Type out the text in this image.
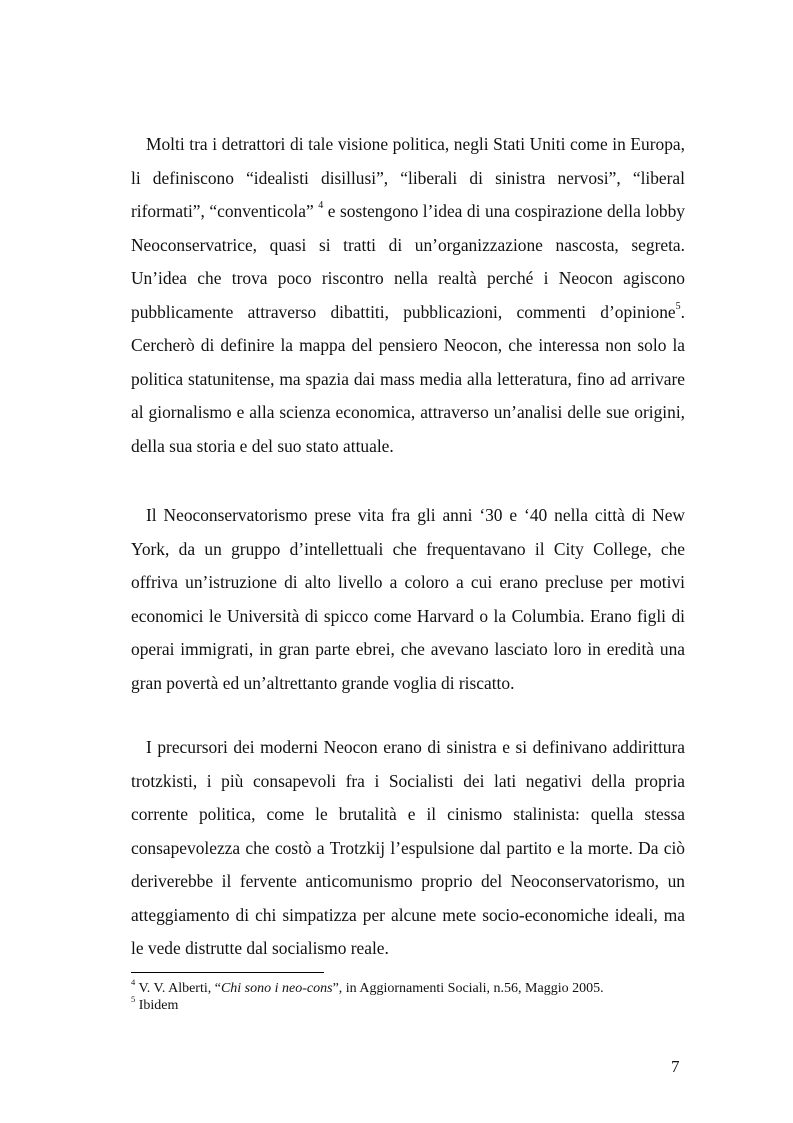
Molti tra i detrattori di tale visione politica, negli Stati Uniti come in Europa, li definiscono “idealisti disillusi”, “liberali di sinistra nervosi”, “liberal riformati”, “conventicola” $^4$ e sostengono l’idea di una cospirazione della lobby Neoconservatrice, quasi si tratti di un’organizzazione nascosta, segreta. Un’idea che trova poco riscontro nella realtà perché i Neocon agiscono pubblicamente attraverso dibattiti, pubblicazioni, commenti d’opinione$^5$. Cercherò di definire la mappa del pensiero Neocon, che interessa non solo la politica statunitense, ma spazia dai mass media alla letteratura, fino ad arrivare al giornalismo e alla scienza economica, attraverso un’analisi delle sue origini, della sua storia e del suo stato attuale.

Il Neoconservatorismo prese vita fra gli anni ‘30 e ‘40 nella città di New York, da un gruppo d’intellettuali che frequentavano il City College, che offriva un’istruzione di alto livello a coloro a cui erano precluse per motivi economici le Università di spicco come Harvard o la Columbia. Erano figli di operai immigrati, in gran parte ebrei, che avevano lasciato loro in eredità una gran povertà ed un’altrettanto grande voglia di riscatto.

I precursori dei moderni Neocon erano di sinistra e si definivano addirittura trotzkisti, i più consapevoli fra i Socialisti dei lati negativi della propria corrente politica, come le brutalità e il cinismo stalinista: quella stessa consapevolezza che costò a Trotzkij l’espulsione dal partito e la morte. Da ciò deriverebbe il fervente anticomunismo proprio del Neoconservatorismo, un atteggiamento di chi simpatizza per alcune mete socio-economiche ideali, ma le vede distrutte dal socialismo reale.

$^4$ V. V. Alberti, “Chi sono i neo-cons”, in Aggiornamenti Sociali, n.56, Maggio 2005.
$^5$ Ibidem
7
